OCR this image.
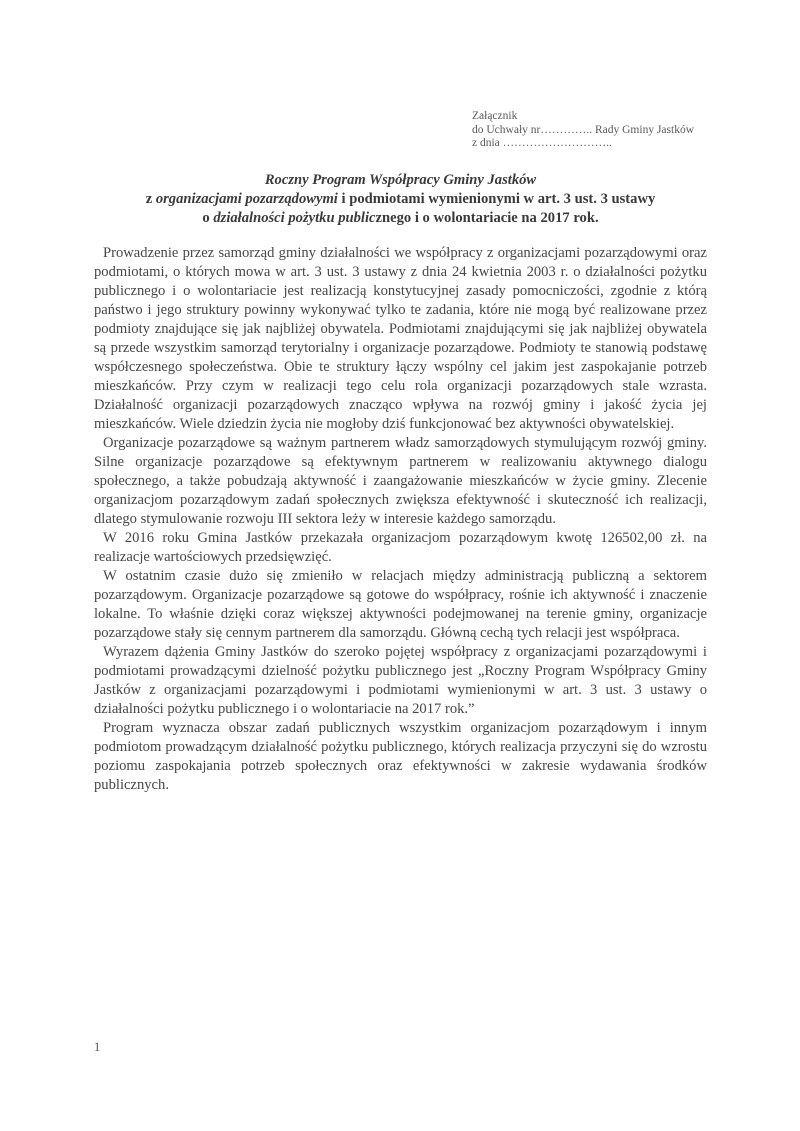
Załącznik
do Uchwały nr………….. Rady Gminy Jastków
z dnia ………………………..
Roczny Program Współpracy Gminy Jastków
z organizacjami pozarządowymi i podmiotami wymienionymi w art. 3 ust. 3 ustawy
o działalności pożytku publicznego i o wolontariacie na 2017 rok.

Prowadzenie przez samorząd gminy działalności we współpracy z organizacjami pozarządowymi oraz podmiotami, o których mowa w art. 3 ust. 3 ustawy z dnia 24 kwietnia 2003 r. o działalności pożytku publicznego i o wolontariacie jest realizacją konstytucyjnej zasady pomocniczości, zgodnie z którą państwo i jego struktury powinny wykonywać tylko te zadania, które nie mogą być realizowane przez podmioty znajdujące się jak najbliżej obywatela. Podmiotami znajdującymi się jak najbliżej obywatela są przede wszystkim samorząd terytorialny i organizacje pozarządowe. Podmioty te stanowią podstawę współczesnego społeczeństwa. Obie te struktury łączy wspólny cel jakim jest zaspokajanie potrzeb mieszkańców. Przy czym w realizacji tego celu rola organizacji pozarządowych stale wzrasta. Działalność organizacji pozarządowych znacząco wpływa na rozwój gminy i jakość życia jej mieszkańców. Wiele dziedzin życia nie mogłoby dziś funkcjonować bez aktywności obywatelskiej.

Organizacje pozarządowe są ważnym partnerem władz samorządowych stymulującym rozwój gminy. Silne organizacje pozarządowe są efektywnym partnerem w realizowaniu aktywnego dialogu społecznego, a także pobudzają aktywność i zaangażowanie mieszkańców w życie gminy. Zlecenie organizacjom pozarządowym zadań społecznych zwiększa efektywność i skuteczność ich realizacji, dlatego stymulowanie rozwoju III sektora leży w interesie każdego samorządu.

W 2016 roku Gmina Jastków przekazała organizacjom pozarządowym kwotę 126502,00 zł. na realizacje wartościowych przedsięwzięć.

W ostatnim czasie dużo się zmieniło w relacjach między administracją publiczną a sektorem pozarządowym. Organizacje pozarządowe są gotowe do współpracy, rośnie ich aktywność i znaczenie lokalne. To właśnie dzięki coraz większej aktywności podejmowanej na terenie gminy, organizacje pozarządowe stały się cennym partnerem dla samorządu. Główną cechą tych relacji jest współpraca.

Wyrazem dążenia Gminy Jastków do szeroko pojętej współpracy z organizacjami pozarządowymi i podmiotami prowadzącymi dzielność pożytku publicznego jest „Roczny Program Współpracy Gminy Jastków z organizacjami pozarządowymi i podmiotami wymienionymi w art. 3 ust. 3 ustawy o działalności pożytku publicznego i o wolontariacie na 2017 rok.”

Program wyznacza obszar zadań publicznych wszystkim organizacjom pozarządowym i innym podmiotom prowadzącym działalność pożytku publicznego, których realizacja przyczyni się do wzrostu poziomu zaspokajania potrzeb społecznych oraz efektywności w zakresie wydawania środków publicznych.

1
